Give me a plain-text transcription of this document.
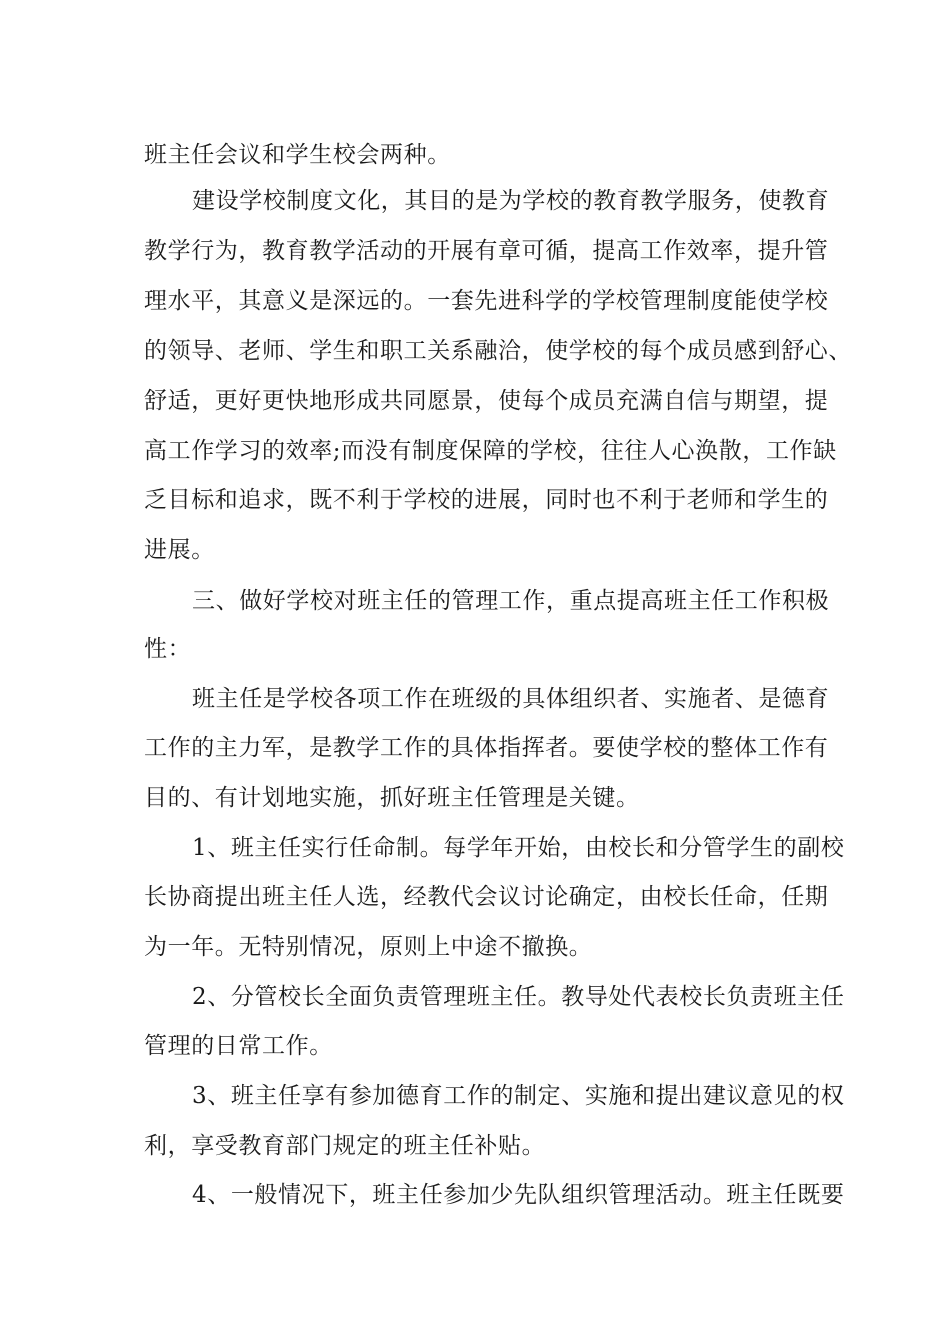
班主任会议和学生校会两种。
建设学校制度文化，其目的是为学校的教育教学服务，使教育
教学行为，教育教学活动的开展有章可循，提高工作效率，提升管
理水平，其意义是深远的。一套先进科学的学校管理制度能使学校
的领导、老师、学生和职工关系融洽，使学校的每个成员感到舒心、
舒适，更好更快地形成共同愿景，使每个成员充满自信与期望，提
高工作学习的效率;而没有制度保障的学校，往往人心涣散，工作缺
乏目标和追求，既不利于学校的进展，同时也不利于老师和学生的
进展。
三、做好学校对班主任的管理工作，重点提高班主任工作积极
性：
班主任是学校各项工作在班级的具体组织者、实施者、是德育
工作的主力军，是教学工作的具体指挥者。要使学校的整体工作有
目的、有计划地实施，抓好班主任管理是关键。
1、班主任实行任命制。每学年开始，由校长和分管学生的副校
长协商提出班主任人选，经教代会议讨论确定，由校长任命，任期
为一年。无特别情况，原则上中途不撤换。
2、分管校长全面负责管理班主任。教导处代表校长负责班主任
管理的日常工作。
3、班主任享有参加德育工作的制定、实施和提出建议意见的权
利，享受教育部门规定的班主任补贴。
4、一般情况下，班主任参加少先队组织管理活动。班主任既要
